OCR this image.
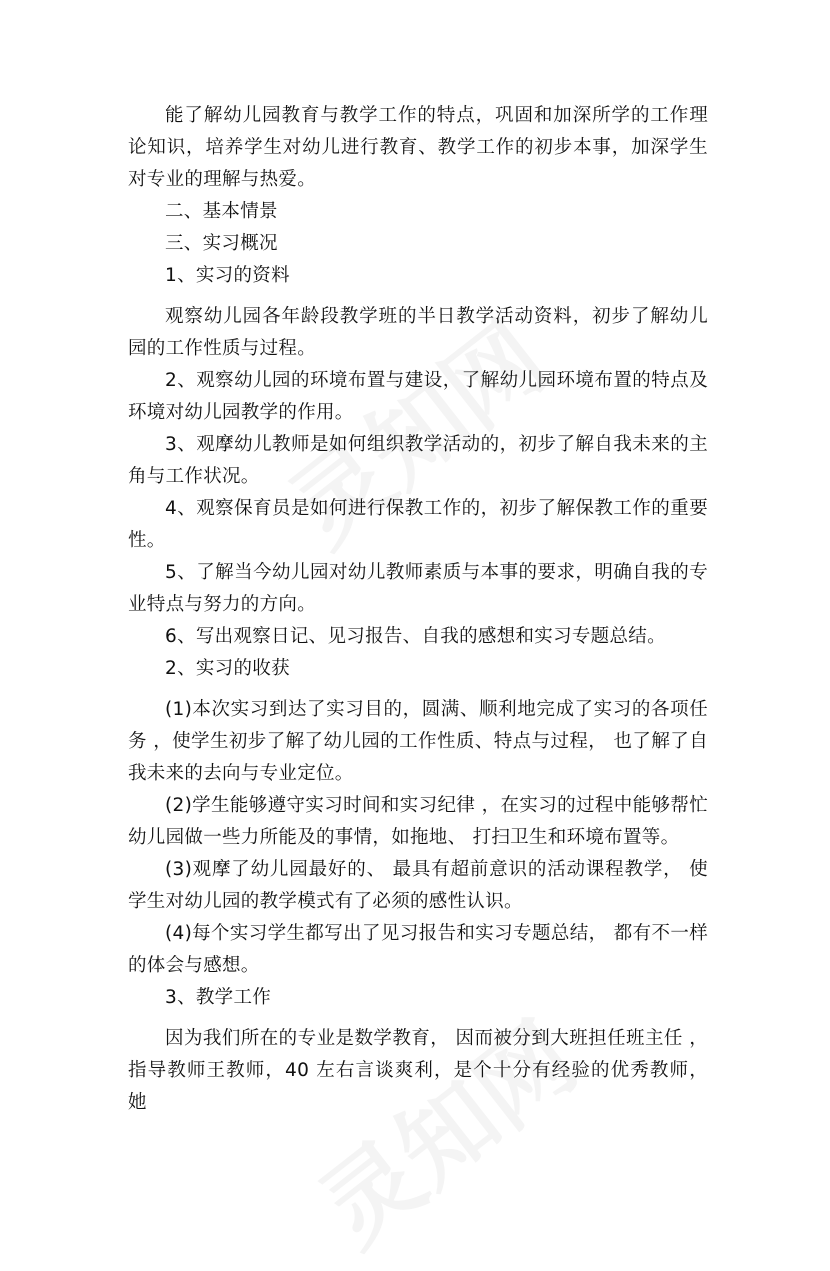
能了解幼儿园教育与教学工作的特点，巩固和加深所学的工作理论知识，培养学生对幼儿进行教育、教学工作的初步本事，加深学生对专业的理解与热爱。

二、基本情景

三、实习概况

1、实习的资料

观察幼儿园各年龄段教学班的半日教学活动资料，初步了解幼儿园的工作性质与过程。

2、观察幼儿园的环境布置与建设，了解幼儿园环境布置的特点及环境对幼儿园教学的作用。

3、观摩幼儿教师是如何组织教学活动的，初步了解自我未来的主角与工作状况。

4、观察保育员是如何进行保教工作的，初步了解保教工作的重要性。

5、了解当今幼儿园对幼儿教师素质与本事的要求，明确自我的专业特点与努力的方向。

6、写出观察日记、见习报告、自我的感想和实习专题总结。

2、实习的收获

(1)本次实习到达了实习目的，圆满、顺利地完成了实习的各项任务 ，使学生初步了解了幼儿园的工作性质、特点与过程， 也了解了自我未来的去向与专业定位。

(2)学生能够遵守实习时间和实习纪律 ，在实习的过程中能够帮忙幼儿园做一些力所能及的事情，如拖地、 打扫卫生和环境布置等。

(3)观摩了幼儿园最好的、 最具有超前意识的活动课程教学， 使学生对幼儿园的教学模式有了必须的感性认识。

(4)每个实习学生都写出了见习报告和实习专题总结， 都有不一样的体会与感想。

3、教学工作

因为我们所在的专业是数学教育， 因而被分到大班担任班主任 ，指导教师王教师，40 左右言谈爽利，是个十分有经验的优秀教师， 她
